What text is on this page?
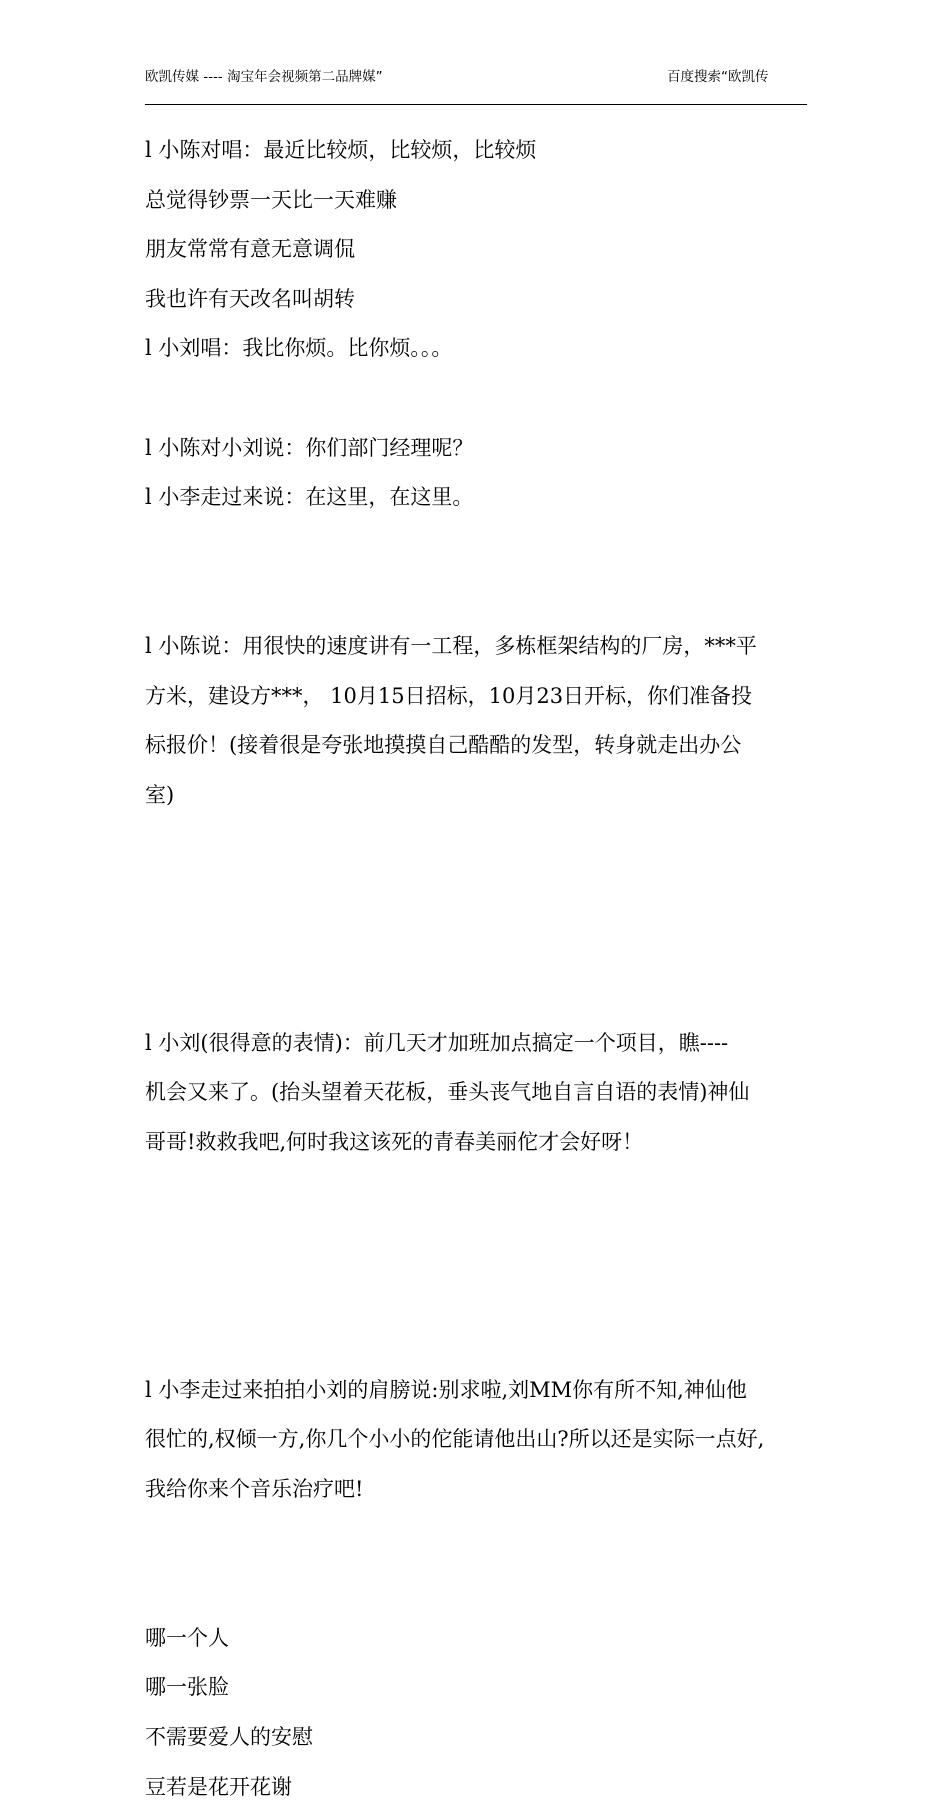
欧凯传媒 ---- 淘宝年会视频第二品牌媒”	百度搜索“欧凯传

l 小陈对唱：最近比较烦，比较烦，比较烦

总觉得钞票一天比一天难赚

朋友常常有意无意调侃

我也许有天改名叫胡转

l 小刘唱：我比你烦。比你烦。。。

l 小陈对小刘说：你们部门经理呢？

l 小李走过来说：在这里，在这里。

l 小陈说：用很快的速度讲有一工程，多栋框架结构的厂房，***平
方米，建设方***， 10月15日招标，10月23日开标，你们准备投
标报价！(接着很是夸张地摸摸自己酷酷的发型，转身就走出办公
室)

l 小刘(很得意的表情)：前几天才加班加点搞定一个项目，瞧----
机会又来了。(抬头望着天花板，垂头丧气地自言自语的表情)神仙
哥哥!救救我吧,何时我这该死的青春美丽佗才会好呀！

l 小李走过来拍拍小刘的肩膀说:别求啦,刘MM你有所不知,神仙他
很忙的,权倾一方,你几个小小的佗能请他出山?所以还是实际一点好,
我给你来个音乐治疗吧!

哪一个人

哪一张脸

不需要爱人的安慰

豆若是花开花谢
